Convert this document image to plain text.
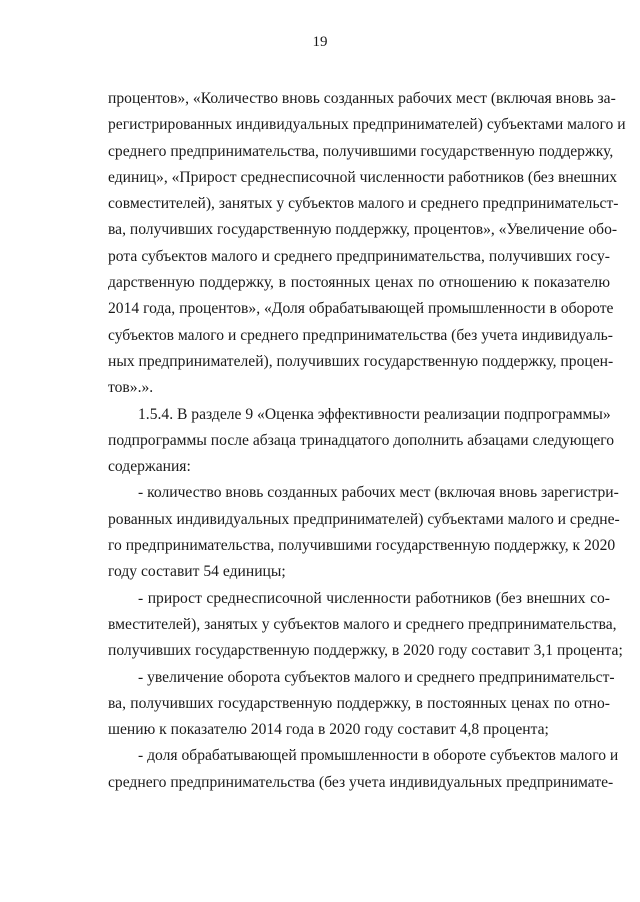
19
процентов», «Количество вновь созданных рабочих мест (включая вновь за-
регистрированных индивидуальных предпринимателей) субъектами малого и
среднего предпринимательства, получившими государственную поддержку,
единиц», «Прирост среднесписочной численности работников (без внешних
совместителей), занятых у субъектов малого и среднего предпринимательст-
ва, получивших государственную поддержку, процентов», «Увеличение обо-
рота субъектов малого и среднего предпринимательства, получивших госу-
дарственную поддержку, в постоянных ценах по отношению к показателю
2014 года, процентов», «Доля обрабатывающей промышленности в обороте
субъектов малого и среднего предпринимательства (без учета индивидуаль-
ных предпринимателей), получивших государственную поддержку, процен-
тов».».
1.5.4. В разделе 9 «Оценка эффективности реализации подпрограммы»
подпрограммы после абзаца тринадцатого дополнить абзацами следующего
содержания:
- количество вновь созданных рабочих мест (включая вновь зарегистри-
рованных индивидуальных предпринимателей) субъектами малого и средне-
го предпринимательства, получившими государственную поддержку, к 2020
году составит 54 единицы;
- прирост среднесписочной численности работников (без внешних со-
вместителей), занятых у субъектов малого и среднего предпринимательства,
получивших государственную поддержку, в 2020 году составит 3,1 процента;
- увеличение оборота субъектов малого и среднего предпринимательст-
ва, получивших государственную поддержку, в постоянных ценах по отно-
шению к показателю 2014 года в 2020 году составит 4,8 процента;
- доля обрабатывающей промышленности в обороте субъектов малого и
среднего предпринимательства (без учета индивидуальных предпринимате-
